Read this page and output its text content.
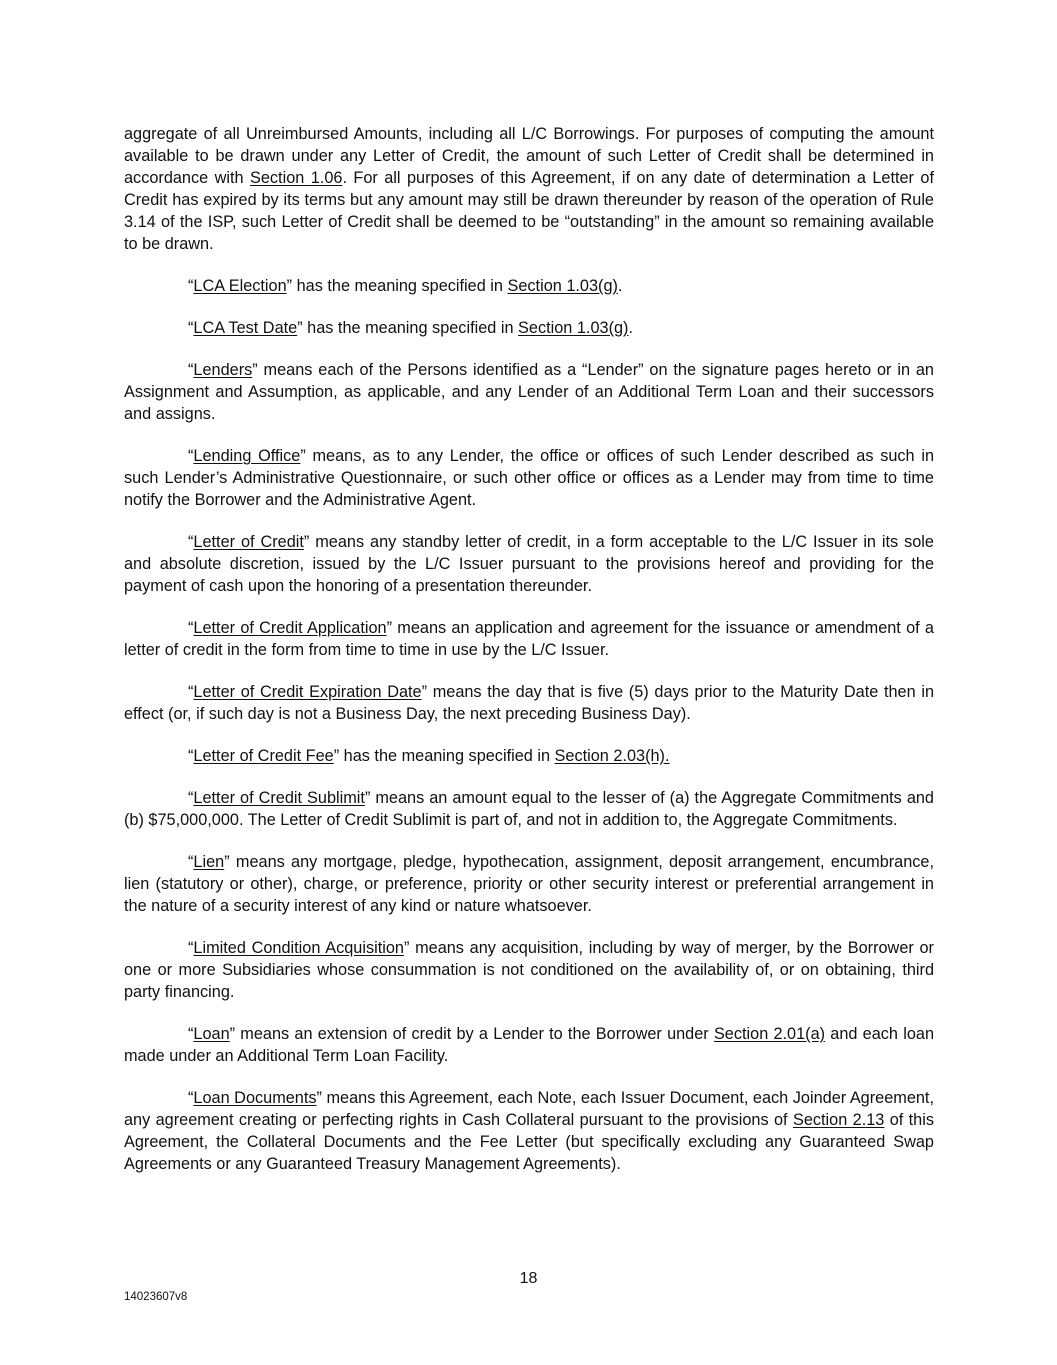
aggregate of all Unreimbursed Amounts, including all L/C Borrowings. For purposes of computing the amount available to be drawn under any Letter of Credit, the amount of such Letter of Credit shall be determined in accordance with Section 1.06. For all purposes of this Agreement, if on any date of determination a Letter of Credit has expired by its terms but any amount may still be drawn thereunder by reason of the operation of Rule 3.14 of the ISP, such Letter of Credit shall be deemed to be “outstanding” in the amount so remaining available to be drawn.

“LCA Election” has the meaning specified in Section 1.03(g).

“LCA Test Date” has the meaning specified in Section 1.03(g).

“Lenders” means each of the Persons identified as a “Lender” on the signature pages hereto or in an Assignment and Assumption, as applicable, and any Lender of an Additional Term Loan and their successors and assigns.

“Lending Office” means, as to any Lender, the office or offices of such Lender described as such in such Lender’s Administrative Questionnaire, or such other office or offices as a Lender may from time to time notify the Borrower and the Administrative Agent.

“Letter of Credit” means any standby letter of credit, in a form acceptable to the L/C Issuer in its sole and absolute discretion, issued by the L/C Issuer pursuant to the provisions hereof and providing for the payment of cash upon the honoring of a presentation thereunder.

“Letter of Credit Application” means an application and agreement for the issuance or amendment of a letter of credit in the form from time to time in use by the L/C Issuer.

“Letter of Credit Expiration Date” means the day that is five (5) days prior to the Maturity Date then in effect (or, if such day is not a Business Day, the next preceding Business Day).

“Letter of Credit Fee” has the meaning specified in Section 2.03(h).

“Letter of Credit Sublimit” means an amount equal to the lesser of (a) the Aggregate Commitments and (b) $75,000,000. The Letter of Credit Sublimit is part of, and not in addition to, the Aggregate Commitments.

“Lien” means any mortgage, pledge, hypothecation, assignment, deposit arrangement, encumbrance, lien (statutory or other), charge, or preference, priority or other security interest or preferential arrangement in the nature of a security interest of any kind or nature whatsoever.

“Limited Condition Acquisition” means any acquisition, including by way of merger, by the Borrower or one or more Subsidiaries whose consummation is not conditioned on the availability of, or on obtaining, third party financing.

“Loan” means an extension of credit by a Lender to the Borrower under Section 2.01(a) and each loan made under an Additional Term Loan Facility.

“Loan Documents” means this Agreement, each Note, each Issuer Document, each Joinder Agreement, any agreement creating or perfecting rights in Cash Collateral pursuant to the provisions of Section 2.13 of this Agreement, the Collateral Documents and the Fee Letter (but specifically excluding any Guaranteed Swap Agreements or any Guaranteed Treasury Management Agreements).

18
14023607v8
